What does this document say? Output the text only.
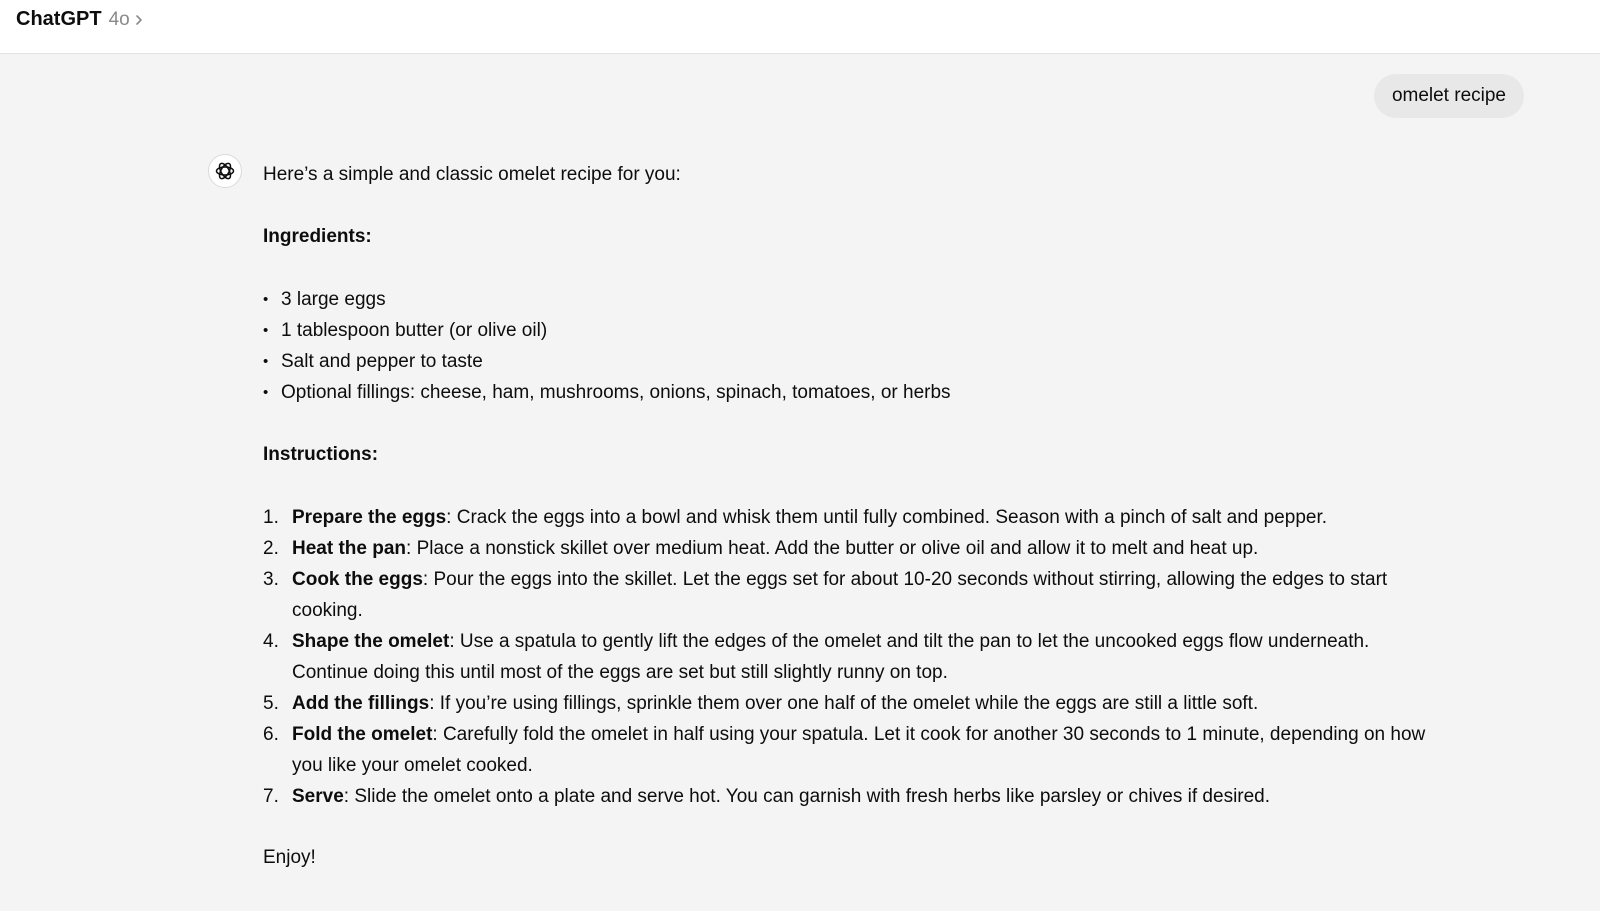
ChatGPT 4o
omelet recipe

Here’s a simple and classic omelet recipe for you:

Ingredients:

• 3 large eggs
• 1 tablespoon butter (or olive oil)
• Salt and pepper to taste
• Optional fillings: cheese, ham, mushrooms, onions, spinach, tomatoes, or herbs

Instructions:

1. Prepare the eggs: Crack the eggs into a bowl and whisk them until fully combined. Season with a pinch of salt and pepper.
2. Heat the pan: Place a nonstick skillet over medium heat. Add the butter or olive oil and allow it to melt and heat up.
3. Cook the eggs: Pour the eggs into the skillet. Let the eggs set for about 10-20 seconds without stirring, allowing the edges to start cooking.
4. Shape the omelet: Use a spatula to gently lift the edges of the omelet and tilt the pan to let the uncooked eggs flow underneath. Continue doing this until most of the eggs are set but still slightly runny on top.
5. Add the fillings: If you’re using fillings, sprinkle them over one half of the omelet while the eggs are still a little soft.
6. Fold the omelet: Carefully fold the omelet in half using your spatula. Let it cook for another 30 seconds to 1 minute, depending on how you like your omelet cooked.
7. Serve: Slide the omelet onto a plate and serve hot. You can garnish with fresh herbs like parsley or chives if desired.

Enjoy!
